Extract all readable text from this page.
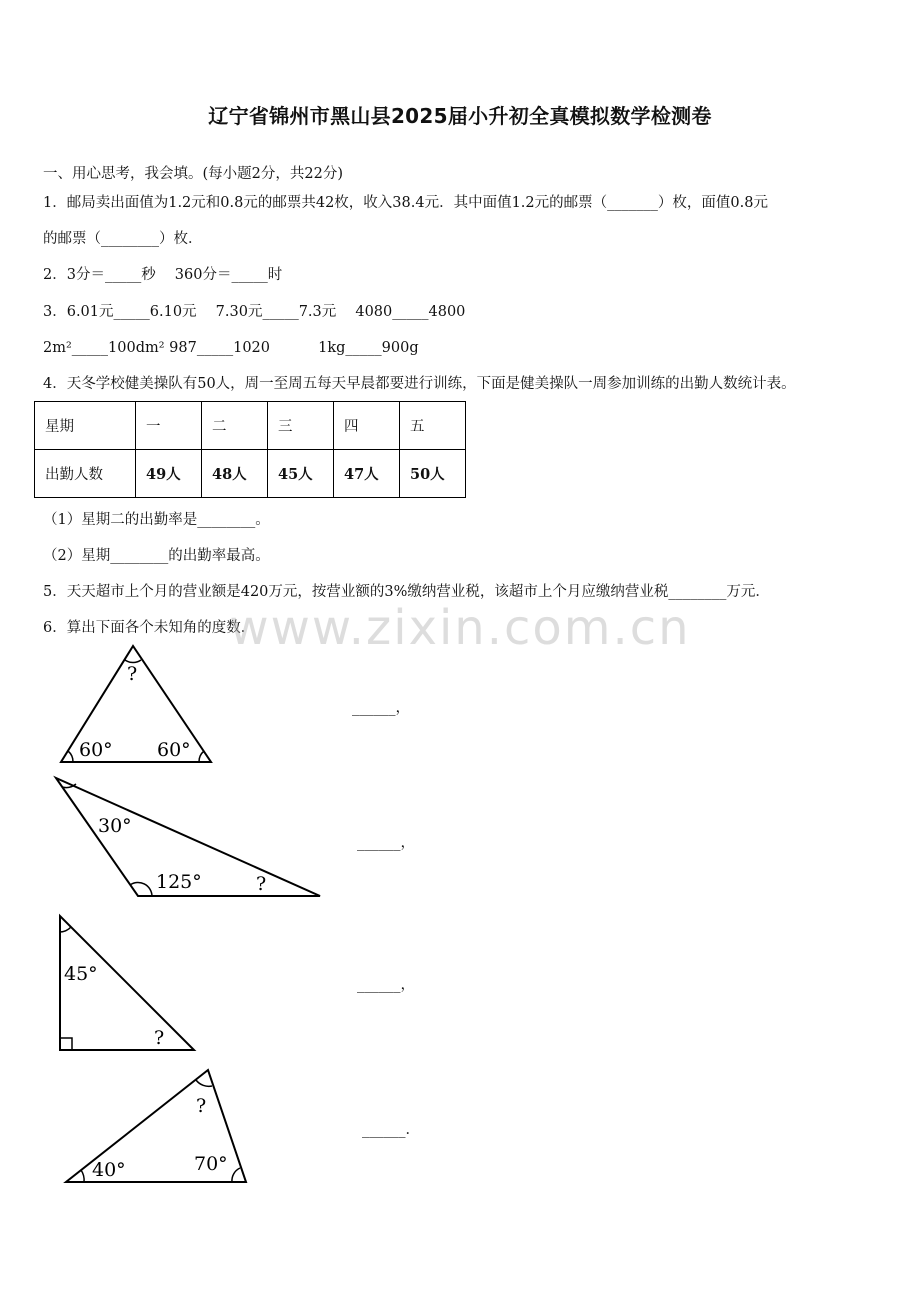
辽宁省锦州市黑山县2025届小升初全真模拟数学检测卷
一、用心思考，我会填。(每小题2分，共22分)
1．邮局卖出面值为1.2元和0.8元的邮票共42枚，收入38.4元．其中面值1.2元的邮票（_______）枚，面值0.8元
的邮票（________）枚．
2．3分＝_____秒　 360分＝_____时
3．6.01元_____6.10元　 7.30元_____7.3元　 4080_____4800
2m²_____100dm² 987_____1020　　　 1kg_____900g
4．天冬学校健美操队有50人，周一至周五每天早晨都要进行训练，下面是健美操队一周参加训练的出勤人数统计表。
星期	一	二	三	四	五
出勤人数	49人	48人	45人	47人	50人
（1）星期二的出勤率是________。
（2）星期________的出勤率最高。
5．天天超市上个月的营业额是420万元，按营业额的3%缴纳营业税，该超市上个月应缴纳营业税________万元．
6．算出下面各个未知角的度数．
www.zixin.com.cn
?
60° 60°
______，
30°
125°	?
______，
45°
?
______，
?
40°	70°
______．
